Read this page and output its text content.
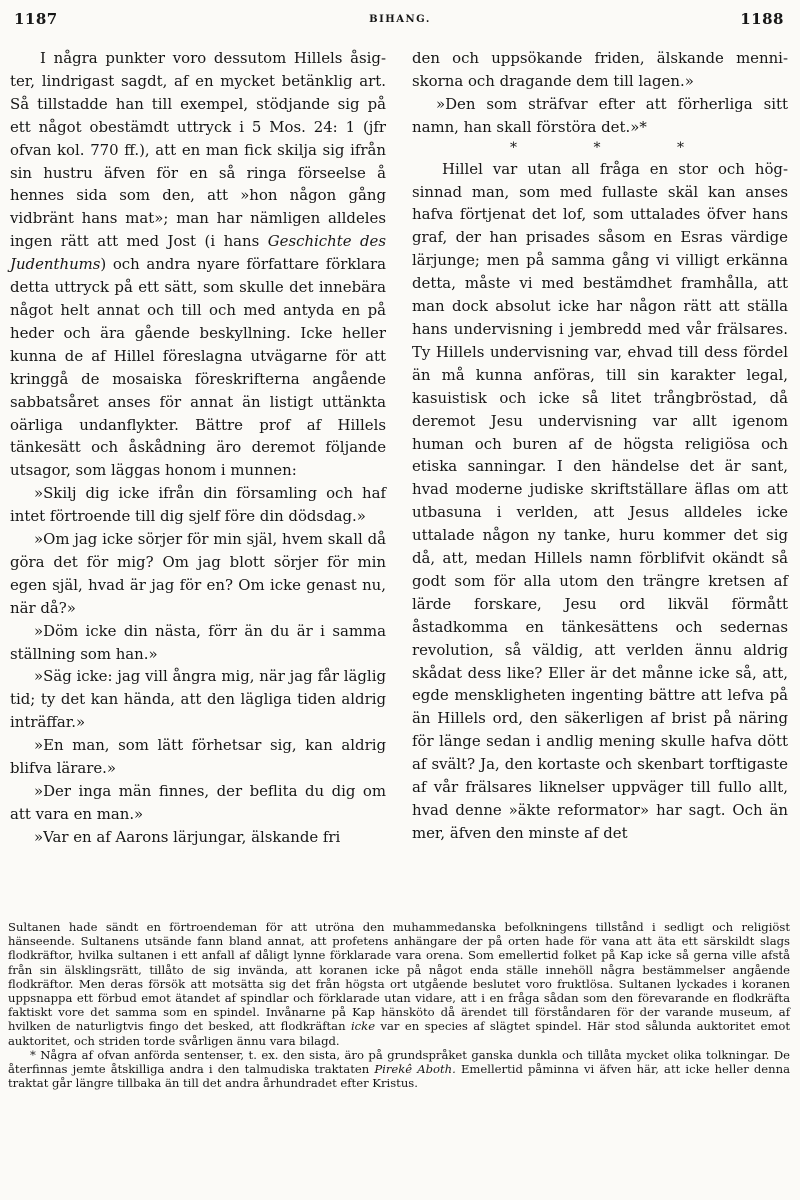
1187	BIHANG.	1188

I några punkter voro dessutom Hillels åsigter, lindrigast sagdt, af en mycket betänklig art. Så tillstadde han till exempel, stödjande sig på ett något obestämdt uttryck i 5 Mos. 24: 1 (jfr ofvan kol. 770 ff.), att en man fick skilja sig ifrån sin hustru äfven för en så ringa förseelse å hennes sida som den, att »hon någon gång vidbränt hans mat»; man har nämligen alldeles ingen rätt att med Jost (i hans Geschichte des Judenthums) och andra nyare författare förklara detta uttryck på ett sätt, som skulle det innebära något helt annat och till och med antyda en på heder och ära gående beskyllning. Icke heller kunna de af Hillel föreslagna utvägarne för att kringgå de mosaiska föreskrifterna angående sabbatsåret anses för annat än listigt uttänkta oärliga undanflykter. Bättre prof af Hillels tänkesätt och åskådning äro deremot följande utsagor, som läggas honom i munnen:

»Skilj dig icke ifrån din församling och haf intet förtroende till dig sjelf före din dödsdag.»

»Om jag icke sörjer för min själ, hvem skall då göra det för mig? Om jag blott sörjer för min egen själ, hvad är jag för en? Om icke genast nu, när då?»

»Döm icke din nästa, förr än du är i samma ställning som han.»

»Säg icke: jag vill ångra mig, när jag får läglig tid; ty det kan hända, att den lägliga tiden aldrig inträffar.»

»En man, som lätt förhetsar sig, kan aldrig blifva lärare.»

»Der inga män finnes, der beflita du dig om att vara en man.»

»Var en af Aarons lärjungar, älskande fri

den och uppsökande friden, älskande menniskorna och dragande dem till lagen.»

»Den som sträfvar efter att förherliga sitt namn, han skall förstöra det.»*

* * *

Hillel var utan all fråga en stor och högsinnad man, som med fullaste skäl kan anses hafva förtjenat det lof, som uttalades öfver hans graf, der han prisades såsom en Esras värdige lärjunge; men på samma gång vi villigt erkänna detta, måste vi med bestämdhet framhålla, att man dock absolut icke har någon rätt att ställa hans undervisning i jembredd med vår frälsares. Ty Hillels undervisning var, ehvad till dess fördel än må kunna anföras, till sin karakter legal, kasuistisk och icke så litet trångbröstad, då deremot Jesu undervisning var allt igenom human och buren af de högsta religiösa och etiska sanningar. I den händelse det är sant, hvad moderne judiske skriftställare äflas om att utbasuna i verlden, att Jesus alldeles icke uttalade någon ny tanke, huru kommer det sig då, att, medan Hillels namn förblifvit okändt så godt som för alla utom den trängre kretsen af lärde forskare, Jesu ord likväl förmått åstadkomma en tänkesättens och sedernas revolution, så väldig, att verlden ännu aldrig skådat dess like? Eller är det månne icke så, att, egde menskligheten ingenting bättre att lefva på än Hillels ord, den säkerligen af brist på näring för länge sedan i andlig mening skulle hafva dött af svält? Ja, den kortaste och skenbart torftigaste af vår frälsares liknelser uppväger till fullo allt, hvad denne »äkte reformator» har sagt. Och än mer, äfven den minste af det

Sultanen hade sändt en förtroendeman för att utröna den muhammedanska befolkningens tillstånd i sedligt och religiöst hänseende. Sultanens utsände fann bland annat, att profetens anhängare der på orten hade för vana att äta ett särskildt slags flodkräftor, hvilka sultanen i ett anfall af dåligt lynne förklarade vara orena. Som emellertid folket på Kap icke så gerna ville afstå från sin älsklingsrätt, tillåto de sig invända, att koranen icke på något enda ställe innehöll några bestämmelser angående flodkräftor. Men deras försök att motsätta sig det från högsta ort utgående beslutet voro fruktlösa. Sultanen lyckades i koranen uppsnappa ett förbud emot ätandet af spindlar och förklarade utan vidare, att i en fråga sådan som den förevarande en flodkräfta faktiskt vore det samma som en spindel. Invånarne på Kap hänsköto då ärendet till förståndaren för der varande museum, af hvilken de naturligtvis fingo det besked, att flodkräftan icke var en species af slägtet spindel. Här stod sålunda auktoritet emot auktoritet, och striden torde svårligen ännu vara bilagd.

* Några af ofvan anförda sentenser, t. ex. den sista, äro på grundspråket ganska dunkla och tillåta mycket olika tolkningar. De återfinnas jemte åtskilliga andra i den talmudiska traktaten Pirekê Aboth. Emellertid påminna vi äfven här, att icke heller denna traktat går längre tillbaka än till det andra århundradet efter Kristus.
